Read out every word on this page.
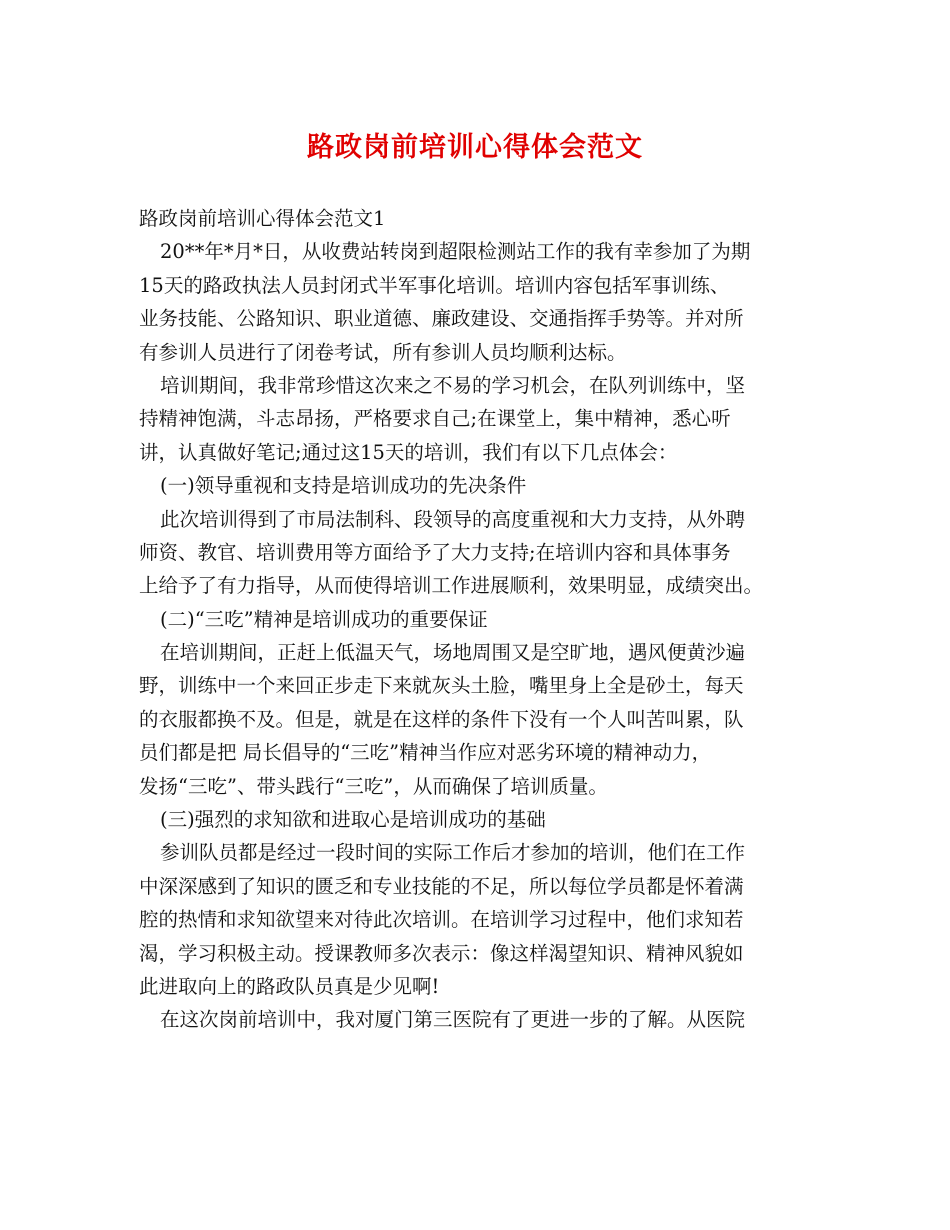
路政岗前培训心得体会范文

路政岗前培训心得体会范文1

20**年*月*日，从收费站转岗到超限检测站工作的我有幸参加了为期

15天的路政执法人员封闭式半军事化培训。培训内容包括军事训练、

业务技能、公路知识、职业道德、廉政建设、交通指挥手势等。并对所

有参训人员进行了闭卷考试，所有参训人员均顺利达标。

培训期间，我非常珍惜这次来之不易的学习机会，在队列训练中，坚

持精神饱满，斗志昂扬，严格要求自己;在课堂上，集中精神，悉心听

讲，认真做好笔记;通过这15天的培训，我们有以下几点体会：

(一)领导重视和支持是培训成功的先决条件

此次培训得到了市局法制科、段领导的高度重视和大力支持，从外聘

师资、教官、培训费用等方面给予了大力支持;在培训内容和具体事务

上给予了有力指导，从而使得培训工作进展顺利，效果明显，成绩突出。

(二)“三吃”精神是培训成功的重要保证

在培训期间，正赶上低温天气，场地周围又是空旷地，遇风便黄沙遍

野，训练中一个来回正步走下来就灰头土脸，嘴里身上全是砂土，每天

的衣服都换不及。但是，就是在这样的条件下没有一个人叫苦叫累，队

员们都是把 局长倡导的“三吃”精神当作应对恶劣环境的精神动力，

发扬“三吃”、带头践行“三吃”，从而确保了培训质量。

(三)强烈的求知欲和进取心是培训成功的基础

参训队员都是经过一段时间的实际工作后才参加的培训，他们在工作

中深深感到了知识的匮乏和专业技能的不足，所以每位学员都是怀着满

腔的热情和求知欲望来对待此次培训。在培训学习过程中，他们求知若

渴，学习积极主动。授课教师多次表示：像这样渴望知识、精神风貌如

此进取向上的路政队员真是少见啊!

在这次岗前培训中，我对厦门第三医院有了更进一步的了解。从医院
